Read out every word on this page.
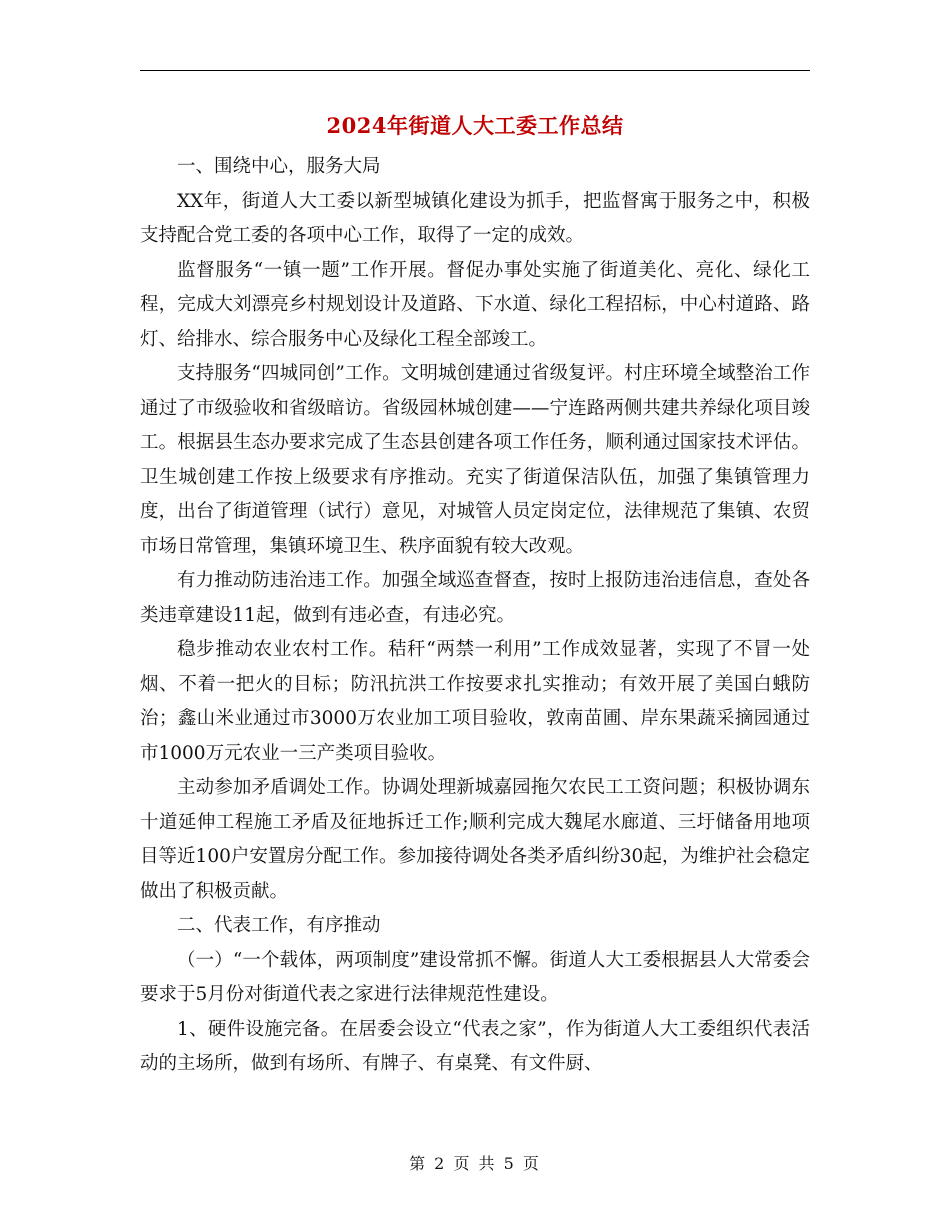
2024年街道人大工委工作总结

一、围绕中心，服务大局

XX年，街道人大工委以新型城镇化建设为抓手，把监督寓于服务之中，积极支持配合党工委的各项中心工作，取得了一定的成效。

监督服务“一镇一题”工作开展。督促办事处实施了街道美化、亮化、绿化工程，完成大刘漂亮乡村规划设计及道路、下水道、绿化工程招标，中心村道路、路灯、给排水、综合服务中心及绿化工程全部竣工。

支持服务“四城同创”工作。文明城创建通过省级复评。村庄环境全域整治工作通过了市级验收和省级暗访。省级园林城创建——宁连路两侧共建共养绿化项目竣工。根据县生态办要求完成了生态县创建各项工作任务，顺利通过国家技术评估。卫生城创建工作按上级要求有序推动。充实了街道保洁队伍，加强了集镇管理力度，出台了街道管理（试行）意见，对城管人员定岗定位，法律规范了集镇、农贸市场日常管理，集镇环境卫生、秩序面貌有较大改观。

有力推动防违治违工作。加强全域巡查督查，按时上报防违治违信息，查处各类违章建设11起，做到有违必查，有违必究。

稳步推动农业农村工作。秸秆“两禁一利用”工作成效显著，实现了不冒一处烟、不着一把火的目标；防汛抗洪工作按要求扎实推动；有效开展了美国白蛾防治；鑫山米业通过市3000万农业加工项目验收，敦南苗圃、岸东果蔬采摘园通过市1000万元农业一三产类项目验收。

主动参加矛盾调处工作。协调处理新城嘉园拖欠农民工工资问题；积极协调东十道延伸工程施工矛盾及征地拆迁工作;顺利完成大魏尾水廊道、三圩储备用地项目等近100户安置房分配工作。参加接待调处各类矛盾纠纷30起，为维护社会稳定做出了积极贡献。

二、代表工作，有序推动

（一）“一个载体，两项制度”建设常抓不懈。街道人大工委根据县人大常委会要求于5月份对街道代表之家进行法律规范性建设。

1、硬件设施完备。在居委会设立“代表之家”，作为街道人大工委组织代表活动的主场所，做到有场所、有牌子、有桌凳、有文件厨、

第 2 页 共 5 页
